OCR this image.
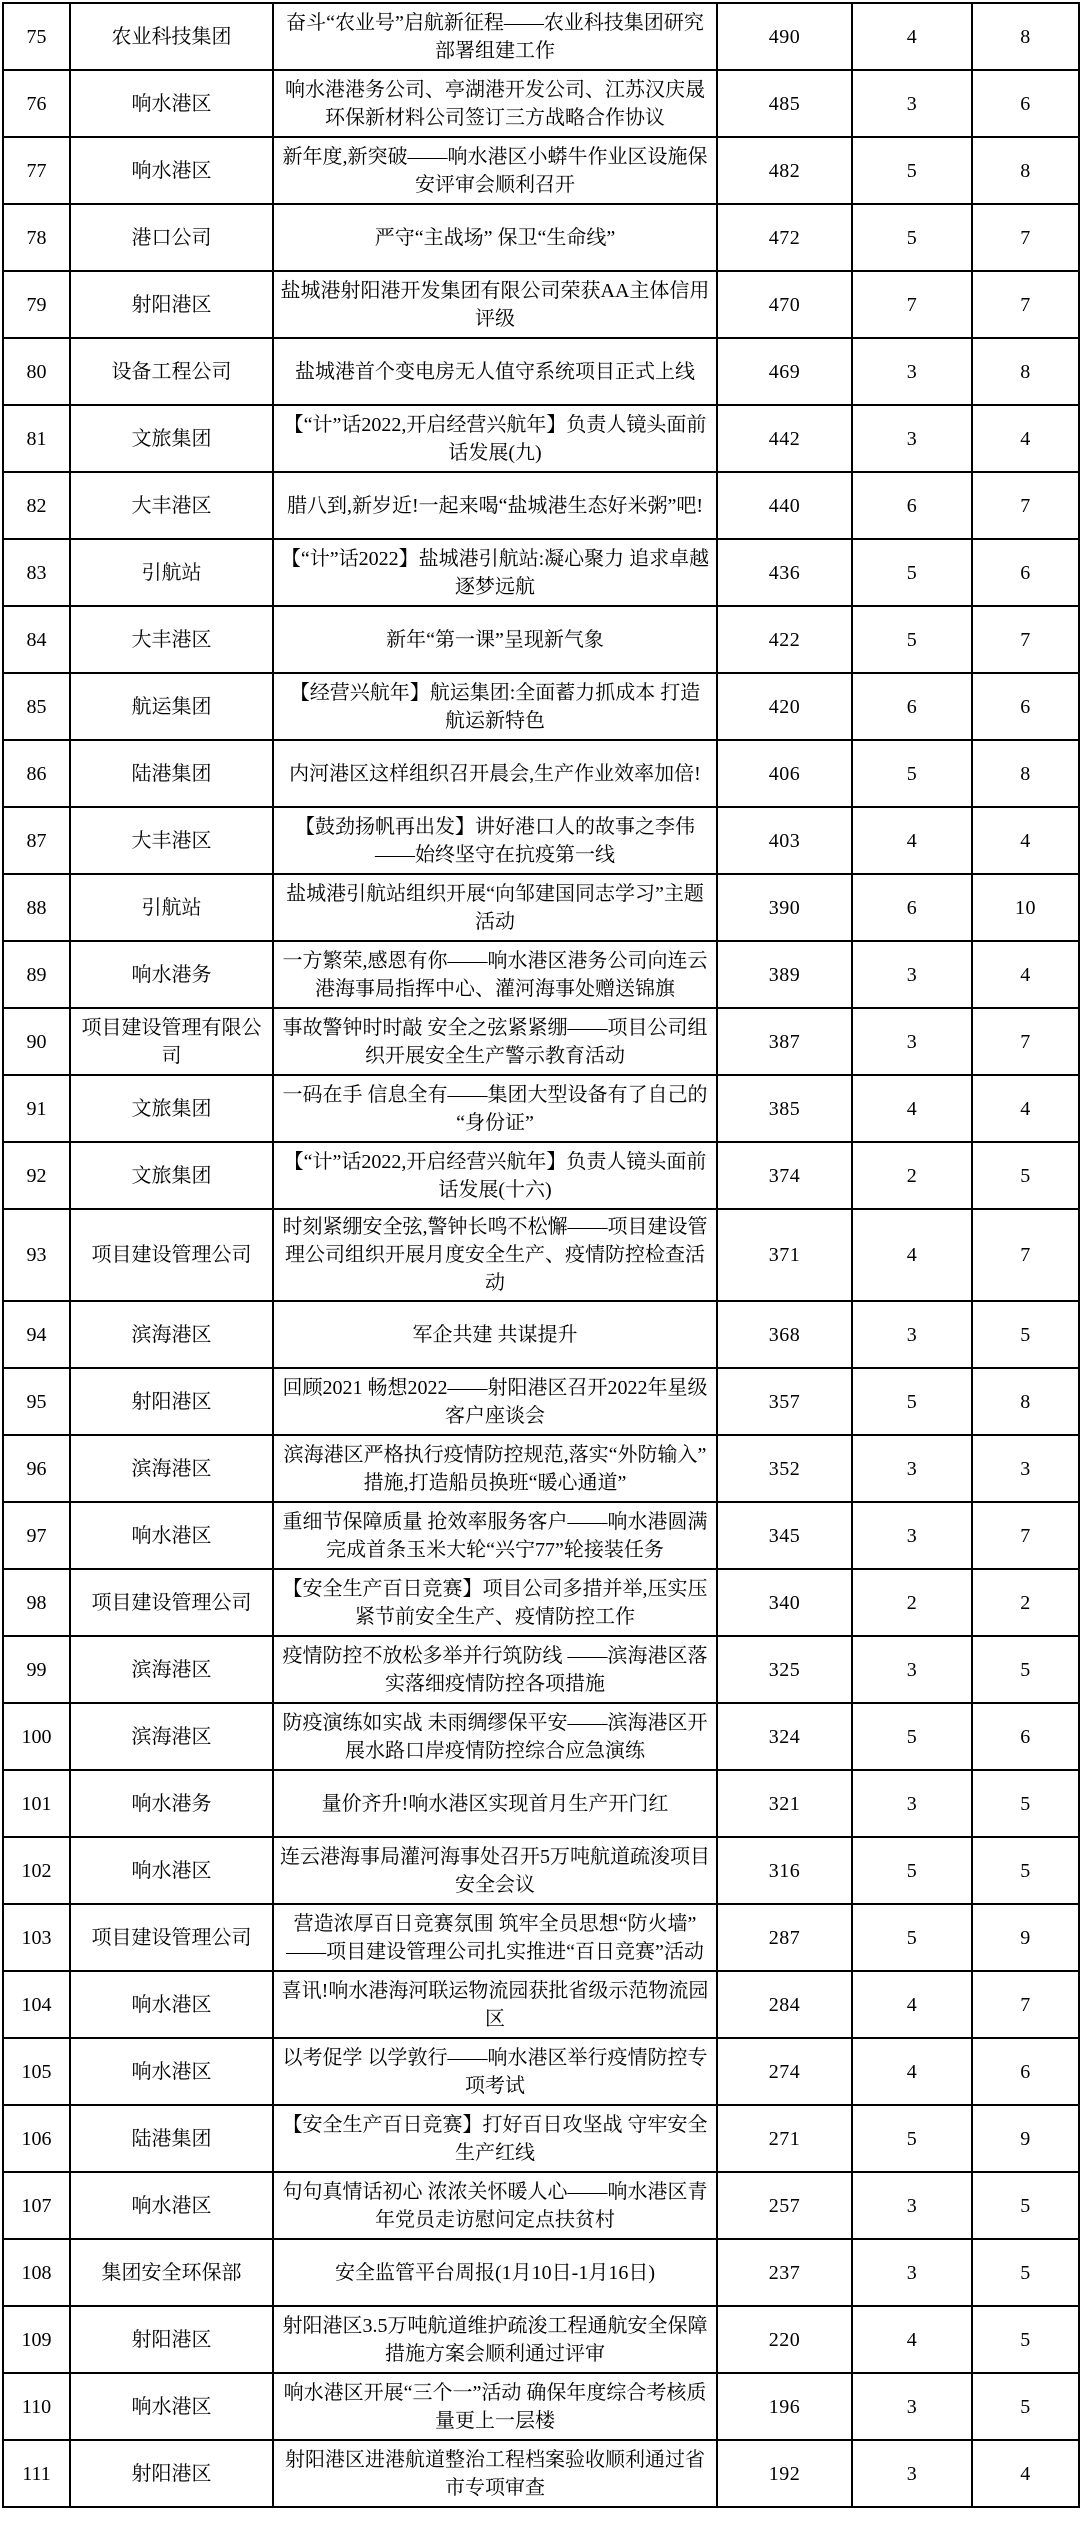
75	农业科技集团	奋斗“农业号”启航新征程——农业科技集团研究部署组建工作	490	4	8
76	响水港区	响水港港务公司、亭湖港开发公司、江苏汉庆晟环保新材料公司签订三方战略合作协议	485	3	6
77	响水港区	新年度,新突破——响水港区小蟒牛作业区设施保安评审会顺利召开	482	5	8
78	港口公司	严守“主战场” 保卫“生命线”	472	5	7
79	射阳港区	盐城港射阳港开发集团有限公司荣获AA主体信用评级	470	7	7
80	设备工程公司	盐城港首个变电房无人值守系统项目正式上线	469	3	8
81	文旅集团	【“计”话2022,开启经营兴航年】负责人镜头面前话发展(九)	442	3	4
82	大丰港区	腊八到,新岁近!一起来喝“盐城港生态好米粥”吧!	440	6	7
83	引航站	【“计”话2022】盐城港引航站:凝心聚力 追求卓越 逐梦远航	436	5	6
84	大丰港区	新年“第一课”呈现新气象	422	5	7
85	航运集团	【经营兴航年】航运集团:全面蓄力抓成本 打造航运新特色	420	6	6
86	陆港集团	内河港区这样组织召开晨会,生产作业效率加倍!	406	5	8
87	大丰港区	【鼓劲扬帆再出发】讲好港口人的故事之李伟——始终坚守在抗疫第一线	403	4	4
88	引航站	盐城港引航站组织开展“向邹建国同志学习”主题活动	390	6	10
89	响水港务	一方繁荣,感恩有你——响水港区港务公司向连云港海事局指挥中心、灌河海事处赠送锦旗	389	3	4
90	项目建设管理有限公司	事故警钟时时敲 安全之弦紧紧绷——项目公司组织开展安全生产警示教育活动	387	3	7
91	文旅集团	一码在手 信息全有——集团大型设备有了自己的“身份证”	385	4	4
92	文旅集团	【“计”话2022,开启经营兴航年】负责人镜头面前话发展(十六)	374	2	5
93	项目建设管理公司	时刻紧绷安全弦,警钟长鸣不松懈——项目建设管理公司组织开展月度安全生产、疫情防控检查活动	371	4	7
94	滨海港区	军企共建 共谋提升	368	3	5
95	射阳港区	回顾2021 畅想2022——射阳港区召开2022年星级客户座谈会	357	5	8
96	滨海港区	滨海港区严格执行疫情防控规范,落实“外防输入”措施,打造船员换班“暖心通道”	352	3	3
97	响水港区	重细节保障质量 抢效率服务客户——响水港圆满完成首条玉米大轮“兴宁77”轮接装任务	345	3	7
98	项目建设管理公司	【安全生产百日竞赛】项目公司多措并举,压实压紧节前安全生产、疫情防控工作	340	2	2
99	滨海港区	疫情防控不放松多举并行筑防线 ——滨海港区落实落细疫情防控各项措施	325	3	5
100	滨海港区	防疫演练如实战 未雨绸缪保平安——滨海港区开展水路口岸疫情防控综合应急演练	324	5	6
101	响水港务	量价齐升!响水港区实现首月生产开门红	321	3	5
102	响水港区	连云港海事局灌河海事处召开5万吨航道疏浚项目安全会议	316	5	5
103	项目建设管理公司	营造浓厚百日竞赛氛围 筑牢全员思想“防火墙” ——项目建设管理公司扎实推进“百日竞赛”活动	287	5	9
104	响水港区	喜讯!响水港海河联运物流园获批省级示范物流园区	284	4	7
105	响水港区	以考促学 以学敦行——响水港区举行疫情防控专项考试	274	4	6
106	陆港集团	【安全生产百日竞赛】打好百日攻坚战 守牢安全生产红线	271	5	9
107	响水港区	句句真情话初心 浓浓关怀暖人心——响水港区青年党员走访慰问定点扶贫村	257	3	5
108	集团安全环保部	安全监管平台周报(1月10日-1月16日)	237	3	5
109	射阳港区	射阳港区3.5万吨航道维护疏浚工程通航安全保障措施方案会顺利通过评审	220	4	5
110	响水港区	响水港区开展“三个一”活动 确保年度综合考核质量更上一层楼	196	3	5
111	射阳港区	射阳港区进港航道整治工程档案验收顺利通过省市专项审查	192	3	4
